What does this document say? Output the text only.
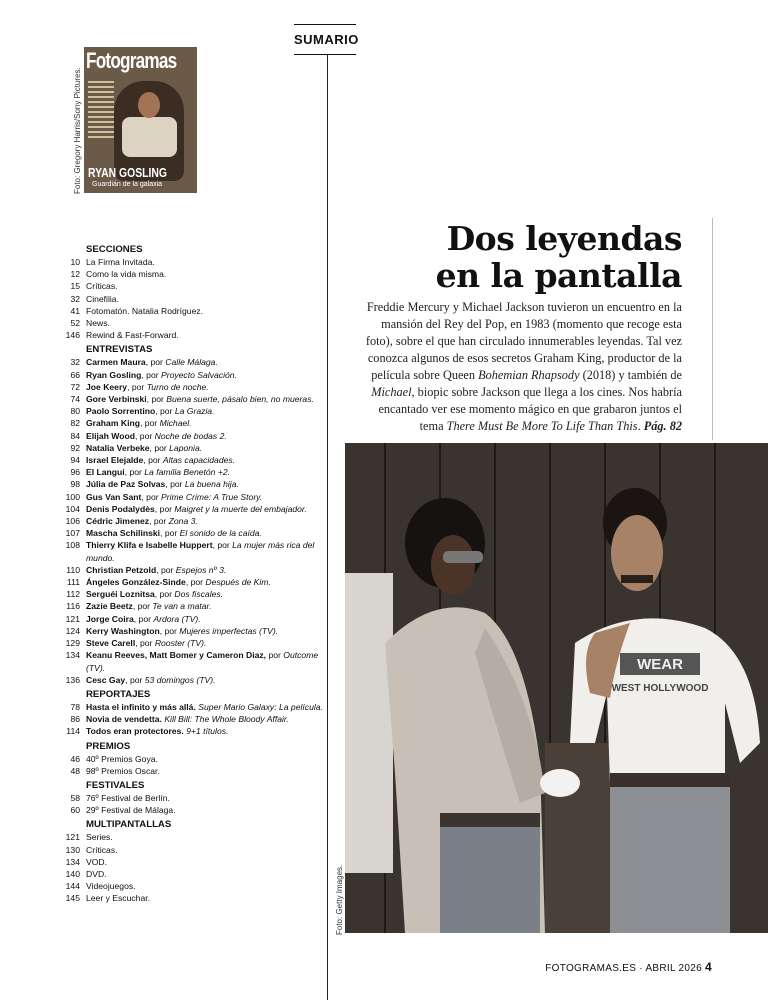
SUMARIO
Foto: Gregory Harris/Sony Pictures.
Fotogramas
RYAN GOSLING
Guardián de la galaxia
SECCIONES
10 La Firma Invitada.
12 Como la vida misma.
15 Críticas.
32 Cinefilia.
41 Fotomatón. Natalia Rodríguez.
52 News.
146 Rewind & Fast-Forward.
ENTREVISTAS
32 Carmen Maura, por Calle Málaga.
66 Ryan Gosling, por Proyecto Salvación.
72 Joe Keery, por Turno de noche.
74 Gore Verbinski, por Buena suerte, pásalo bien, no mueras.
80 Paolo Sorrentino, por La Grazia.
82 Graham King, por Michael.
84 Elijah Wood, por Noche de bodas 2.
92 Natalia Verbeke, por Laponia.
94 Israel Elejalde, por Altas capacidades.
96 El Langui, por La familia Benetón +2.
98 Júlia de Paz Solvas, por La buena hija.
100 Gus Van Sant, por Prime Crime: A True Story.
104 Denis Podalydès, por Maigret y la muerte del embajador.
106 Cédric Jimenez, por Zona 3.
107 Mascha Schilinski, por El sonido de la caída.
108 Thierry Klifa e Isabelle Huppert, por La mujer más rica del mundo.
110 Christian Petzold, por Espejos nº 3.
111 Ángeles González-Sinde, por Después de Kim.
112 Serguéi Loznitsa, por Dos fiscales.
116 Zazie Beetz, por Te van a matar.
121 Jorge Coira, por Ardora (TV).
124 Kerry Washington, por Mujeres imperfectas (TV).
129 Steve Carell, por Rooster (TV).
134 Keanu Reeves, Matt Bomer y Cameron Diaz, por Outcome (TV).
136 Cesc Gay, por 53 domingos (TV).
REPORTAJES
78 Hasta el infinito y más allá. Super Mario Galaxy: La película.
86 Novia de vendetta. Kill Bill: The Whole Bloody Affair.
114 Todos eran protectores. 9+1 títulos.
PREMIOS
46 40º Premios Goya.
48 98º Premios Oscar.
FESTIVALES
58 76º Festival de Berlín.
60 29º Festival de Málaga.
MULTIPANTALLAS
121 Series.
130 Críticas.
134 VOD.
140 DVD.
144 Videojuegos.
145 Leer y Escuchar.
Dos leyendas
en la pantalla
Freddie Mercury y Michael Jackson tuvieron un encuentro en la mansión del Rey del Pop, en 1983 (momento que recoge esta foto), sobre el que han circulado innumerables leyendas. Tal vez conozca algunos de esos secretos Graham King, productor de la película sobre Queen Bohemian Rhapsody (2018) y también de Michael, biopic sobre Jackson que llega a los cines. Nos habría encantado ver ese momento mágico en que grabaron juntos el tema There Must Be More To Life Than This. Pág. 82
WEAR
WEST HOLLYWOOD
Foto: Getty Images.
FOTOGRAMAS.ES · ABRIL 2026 4
